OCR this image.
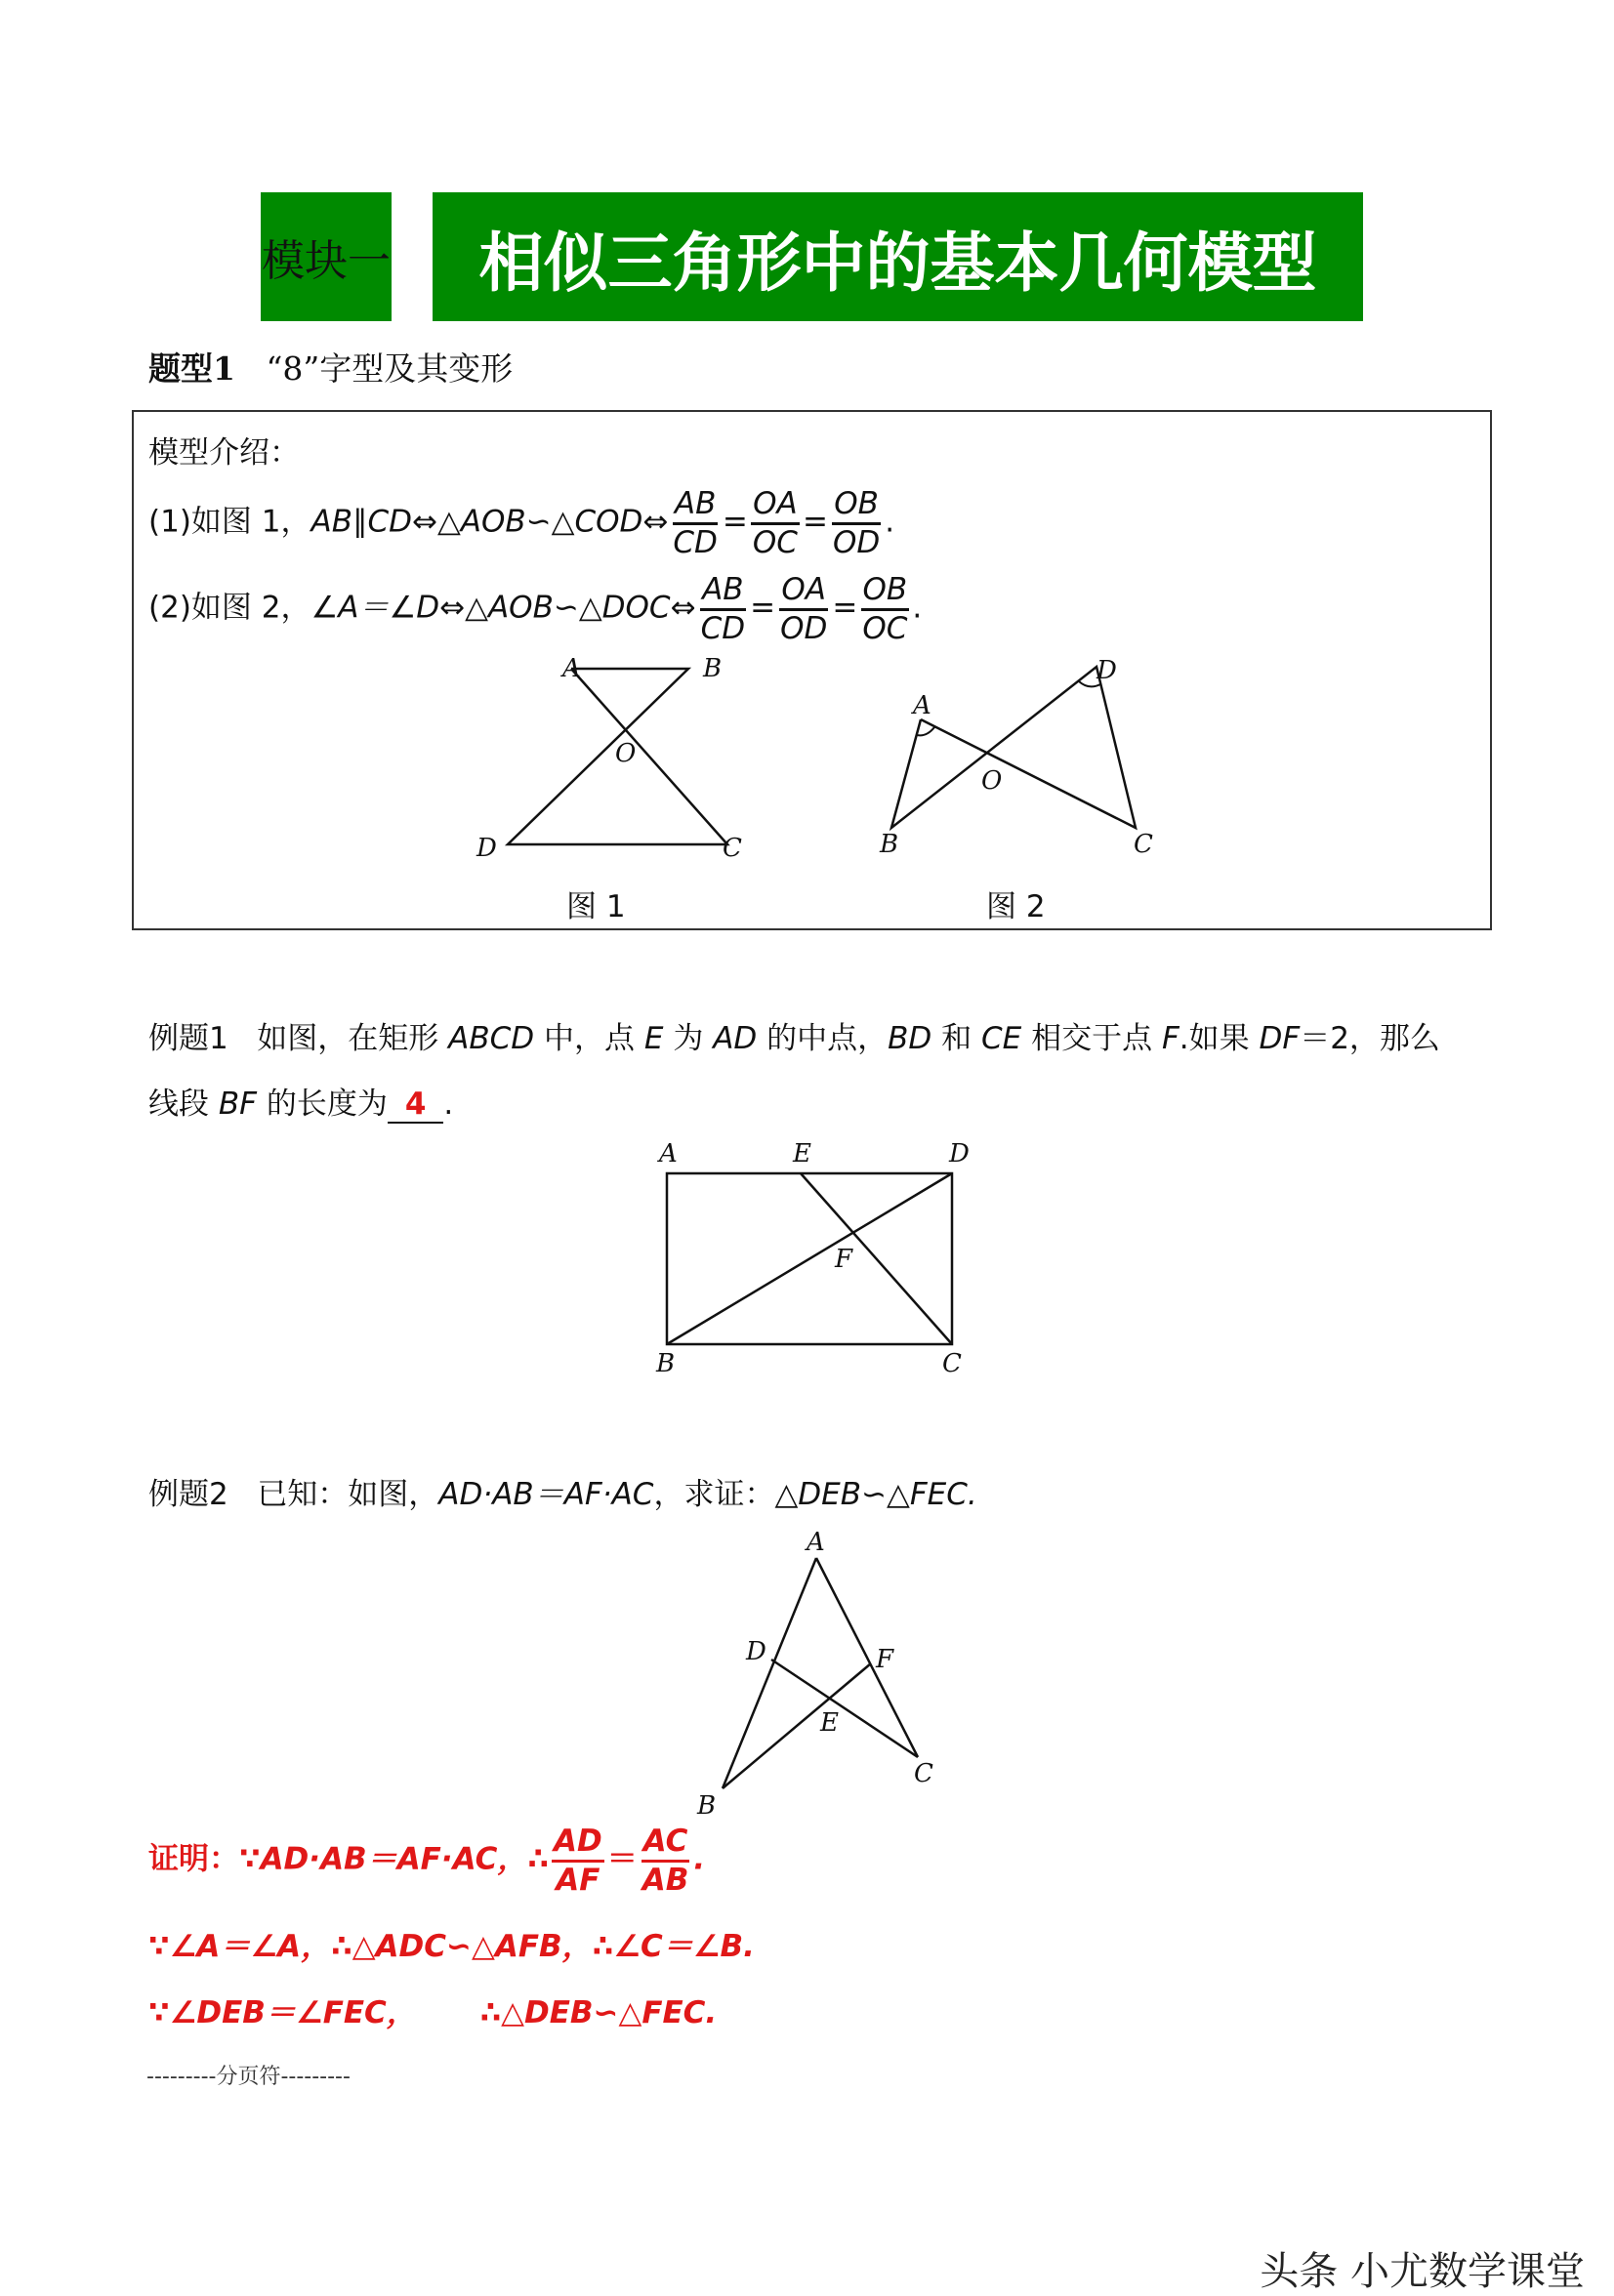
模块一 相似三角形中的基本几何模型
题型1 “8”字型及其变形
模型介绍：
(1)如图 1，AB∥CD⇔△AOB∽△COD⇔ $\frac{AB}{CD} = \frac{OA}{OC} = \frac{OB}{OD}$ .
(2)如图 2，∠A＝∠D⇔△AOB∽△DOC⇔ $\frac{AB}{CD} = \frac{OA}{OD} = \frac{OB}{OC}$ .
A	B
O
D	C
图 1
A
D
O
B	C
图 2
例题1 如图，在矩形 ABCD 中，点 E 为 AD 的中点，BD 和 CE 相交于点 F.如果 DF＝2，那么
线段 BF 的长度为 4 .
A	E	D
F
B	C
例题2 已知：如图，AD·AB＝AF·AC，求证：△DEB∽△FEC.
A
D	F
E
B
C
证明：∵AD·AB＝AF·AC，∴ $\frac{AD}{AF} = \frac{AC}{AB}$ .
∵∠A＝∠A，∴△ADC∽△AFB，∴∠C＝∠B.
∵∠DEB＝∠FEC， ∴△DEB∽△FEC.
---------分页符---------
头条 小尤数学课堂
